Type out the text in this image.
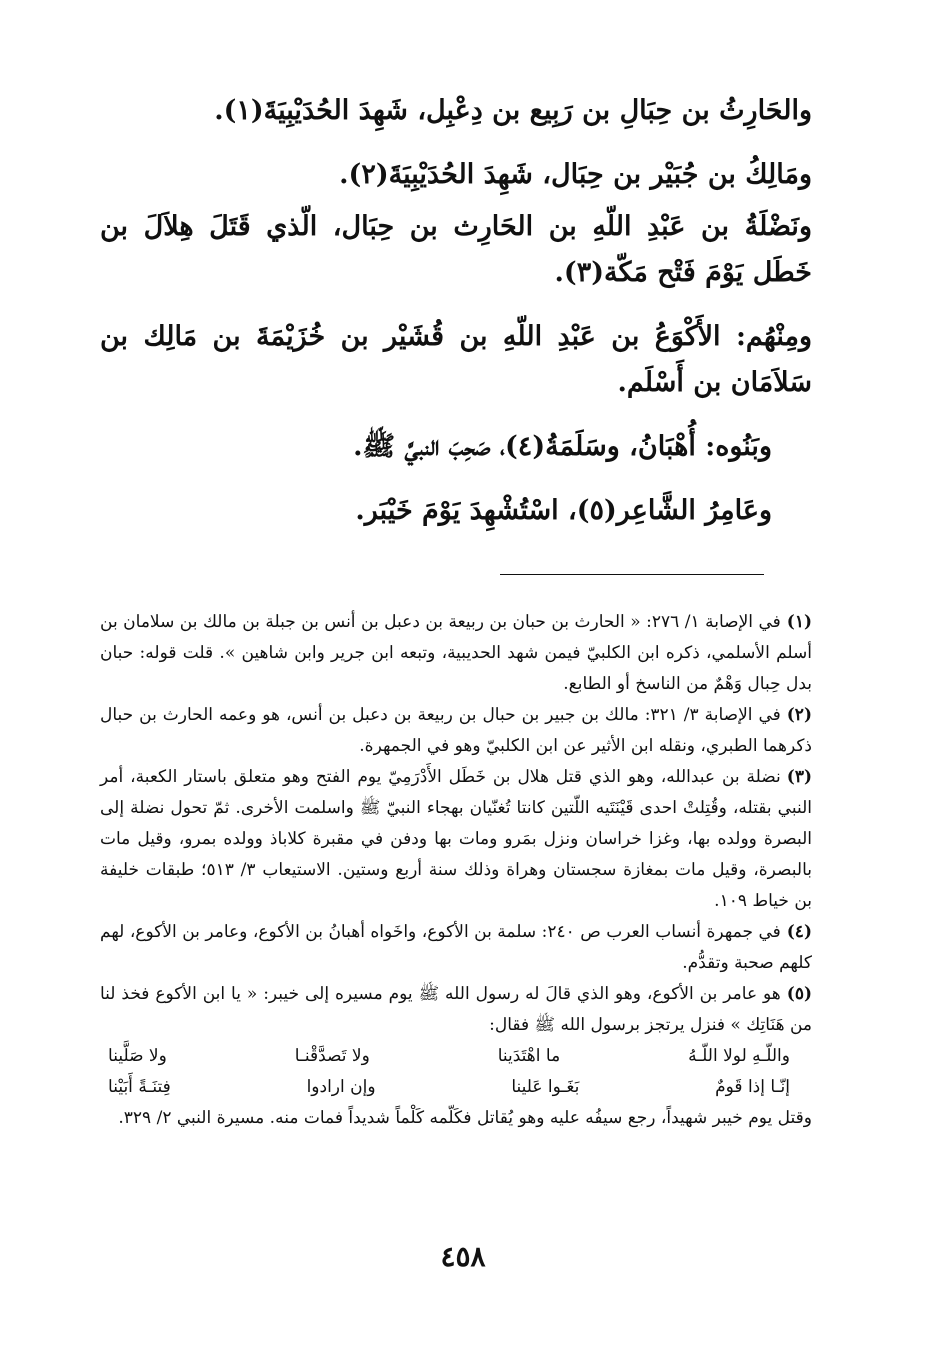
والحَارِثُ بن حِبَالِ بن رَبِيع بن دِعْبِل، شَهِدَ الحُدَيْبِيَةَ(١).

ومَالِكُ بن جُبَيْر بن حِبَال، شَهِدَ الحُدَيْبِيَةَ(٢).

ونَضْلَةُ بن عَبْدِ اللّهِ بن الحَارِث بن حِبَال، الّذي قَتَلَ هِلاَلَ بن خَطَل يَوْمَ فَتْح مَكّة(٣).

ومِنْهُم: الأَكْوَعُ بن عَبْدِ اللّهِ بن قُشَيْر بن خُزَيْمَةَ بن مَالِك بن سَلاَمَان بن أَسْلَم.

وبَنُوه: أُهْبَانُ، وسَلَمَةُ(٤)، صَحِبَ النبيَّ ﷺ.

وعَامِرُ الشَّاعِر(٥)، اسْتُشْهِدَ يَوْمَ خَيْبَر.

(١)في الإصابة ١/ ٢٧٦: « الحارث بن حبان بن ربيعة بن دعبل بن أنس بن جبلة بن مالك بن سلامان بن أسلم الأسلمي، ذكره ابن الكلبيّ فيمن شهد الحديبية، وتبعه ابن جرير وابن شاهين ». قلت قوله: حبان بدل حِبال وَهْمٌ من الناسخ أو الطابع.

(٢)في الإصابة ٣/ ٣٢١: مالك بن جبير بن حبال بن ربيعة بن دعبل بن أنس، هو وعمه الحارث بن حبال ذكرهما الطبري، ونقله ابن الأثير عن ابن الكلبيّ وهو في الجمهرة.

(٣)نضلة بن عبدالله، وهو الذي قتل هلال بن خَطَل الأَدْرَمِيّ يوم الفتح وهو متعلق باستار الكعبة، أمر النبي بقتله، وقُتِلتْ احدى قَيْنَتَيه اللّتين كانتا تُغنّيان بهجاء النبيّ ﷺ واسلمت الأخرى. ثمّ تحول نضلة إلى البصرة وولده بها، وغزا خراسان ونزل بمَرو ومات بها ودفن في مقبرة كلاباذ وولده بمرو، وقيل مات بالبصرة، وقيل مات بمغازة سجستان وهراة وذلك سنة أربع وستين. الاستيعاب ٣/ ٥١٣؛ طبقات خليفة بن خياط ١٠٩.

(٤)في جمهرة أنساب العرب ص ٢٤٠: سلمة بن الأكوع، واخَواه أهبانُ بن الأكوع، وعامر بن الأكوع، لهم كلهم صحبة وتقدُّم.

(٥)هو عامر بن الأكوع، وهو الذي قالَ له رسول الله ﷺ يوم مسيره إلى خيبر: « يا ابن الأكوع فخذ لنا من هَنَاتِك » فنزل يرتجز برسول الله ﷺ فقال:

واللّـهِ لولا اللّـهُ
ما اهْتَدَينا
ولا تَصدَّقْنـا
ولا صَلَّينا
إنّـا إذا قَومٌ
بَغَـوا عَلينا
وإن ارادوا
فِتنَـةً أَبَيْنا

وقتل يوم خيبر شهيداً، رجع سيفُه عليه وهو يُقاتل فكَلّمه كَلْماً شديداً فمات منه. مسيرة النبي ٢/ ٣٢٩.

٤٥٨
